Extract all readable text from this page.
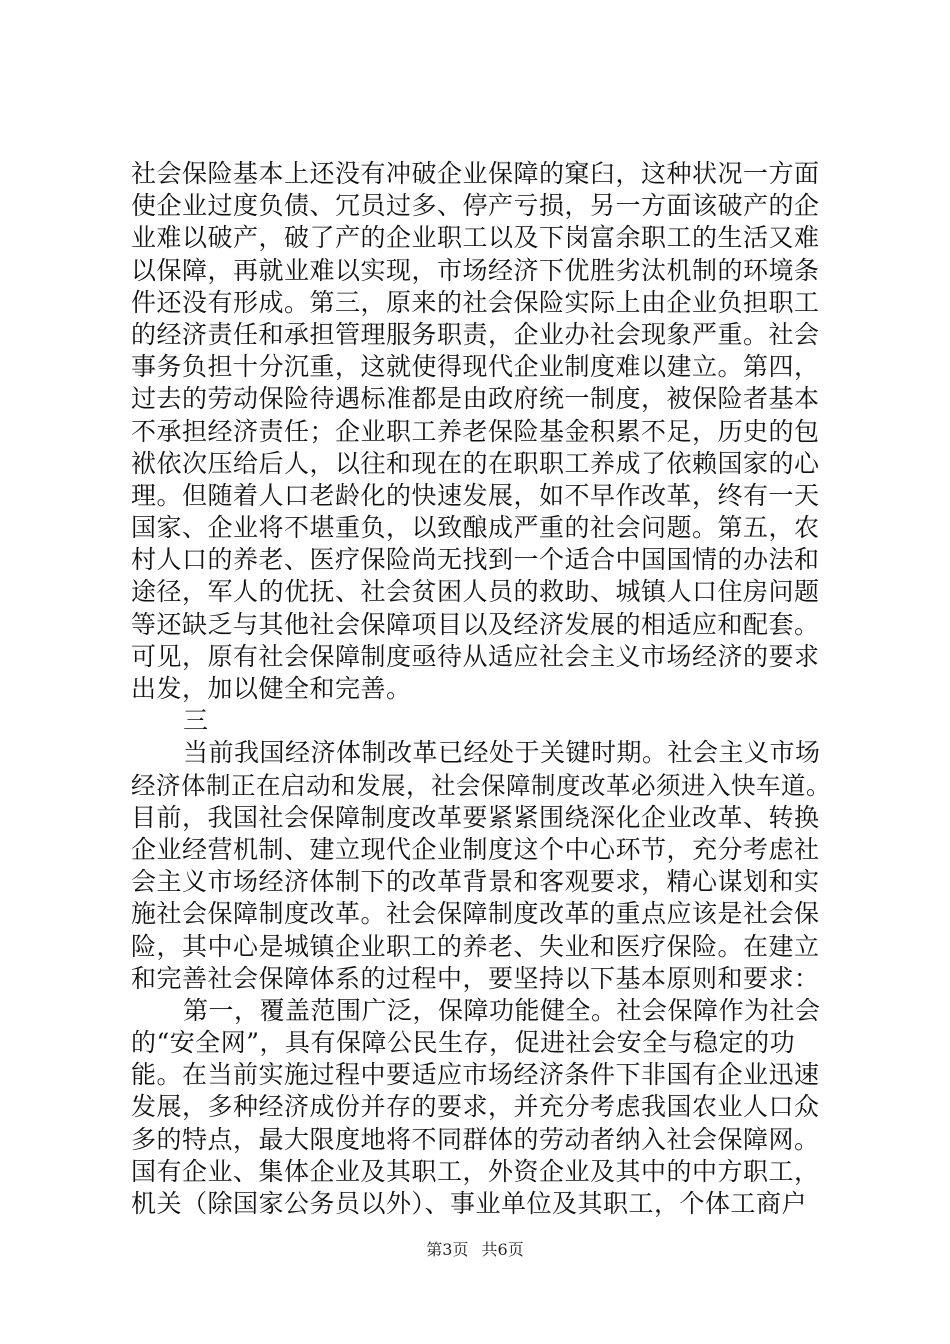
社会保险基本上还没有冲破企业保障的窠臼，这种状况一方面
使企业过度负债、冗员过多、停产亏损，另一方面该破产的企
业难以破产，破了产的企业职工以及下岗富余职工的生活又难
以保障，再就业难以实现，市场经济下优胜劣汰机制的环境条
件还没有形成。第三，原来的社会保险实际上由企业负担职工
的经济责任和承担管理服务职责，企业办社会现象严重。社会
事务负担十分沉重，这就使得现代企业制度难以建立。第四，
过去的劳动保险待遇标准都是由政府统一制度，被保险者基本
不承担经济责任；企业职工养老保险基金积累不足，历史的包
袱依次压给后人，以往和现在的在职职工养成了依赖国家的心
理。但随着人口老龄化的快速发展，如不早作改革，终有一天
国家、企业将不堪重负，以致酿成严重的社会问题。第五，农
村人口的养老、医疗保险尚无找到一个适合中国国情的办法和
途径，军人的优抚、社会贫困人员的救助、城镇人口住房问题
等还缺乏与其他社会保障项目以及经济发展的相适应和配套。
可见，原有社会保障制度亟待从适应社会主义市场经济的要求
出发，加以健全和完善。
三
当前我国经济体制改革已经处于关键时期。社会主义市场
经济体制正在启动和发展，社会保障制度改革必须进入快车道。
目前，我国社会保障制度改革要紧紧围绕深化企业改革、转换
企业经营机制、建立现代企业制度这个中心环节，充分考虑社
会主义市场经济体制下的改革背景和客观要求，精心谋划和实
施社会保障制度改革。社会保障制度改革的重点应该是社会保
险，其中心是城镇企业职工的养老、失业和医疗保险。在建立
和完善社会保障体系的过程中，要坚持以下基本原则和要求：
第一，覆盖范围广泛，保障功能健全。社会保障作为社会
的“安全网”，具有保障公民生存，促进社会安全与稳定的功
能。在当前实施过程中要适应市场经济条件下非国有企业迅速
发展，多种经济成份并存的要求，并充分考虑我国农业人口众
多的特点，最大限度地将不同群体的劳动者纳入社会保障网。
国有企业、集体企业及其职工，外资企业及其中的中方职工，
机关（除国家公务员以外）、事业单位及其职工，个体工商户
第3页 共6页
